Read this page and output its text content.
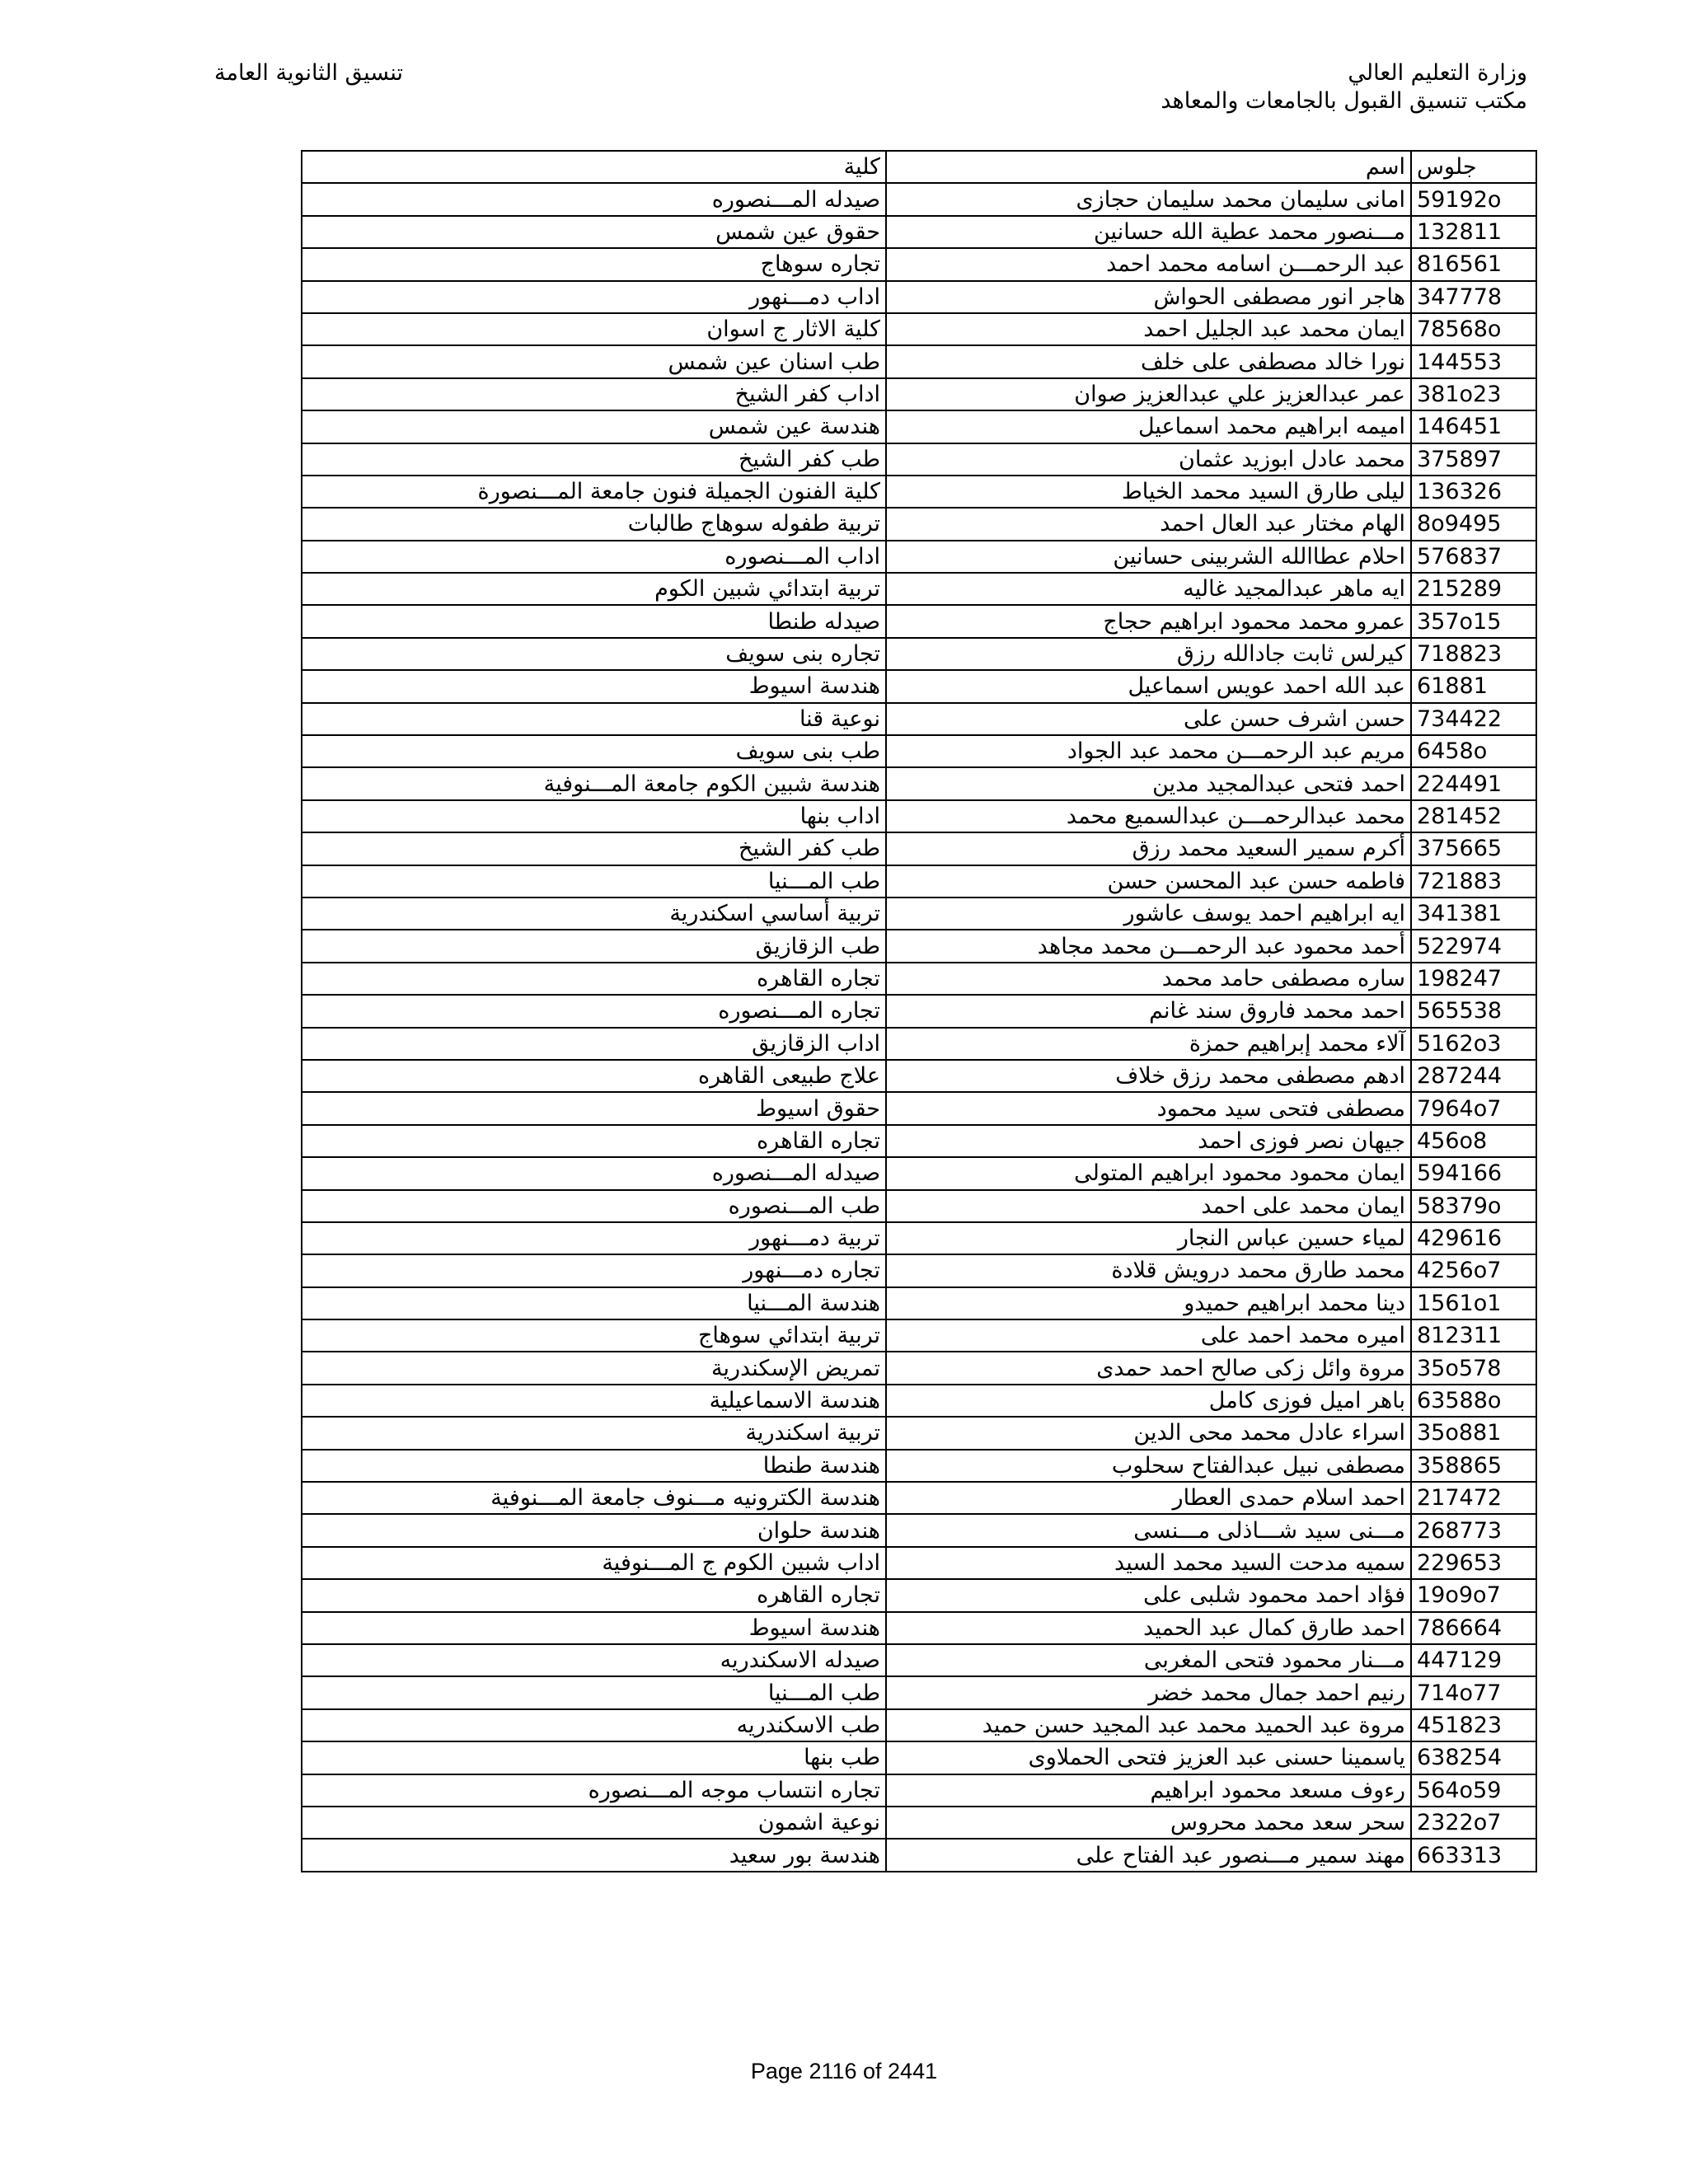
وزارة التعليم العالي
مكتب تنسيق القبول بالجامعات والمعاهد
تنسيق الثانوية العامة
كلية	اسم	جلوس
صيدله المـــنصوره	امانى سليمان محمد سليمان حجازى	59192o
حقوق عين شمس	مـــنصور محمد عطية الله حسانين	132811
تجاره سوهاج	عبد الرحمـــن اسامه محمد احمد	816561
اداب دمـــنهور	هاجر انور مصطفى الحواش	347778
كلية الاثار ج اسوان	ايمان محمد عبد الجليل احمد	78568o
طب اسنان عين شمس	نورا خالد مصطفى على خلف	144553
اداب كفر الشيخ	عمر عبدالعزيز علي عبدالعزيز صوان	381o23
هندسة عين شمس	اميمه ابراهيم محمد اسماعيل	146451
طب كفر الشيخ	محمد عادل ابوزيد عثمان	375897
كلية الفنون الجميلة فنون جامعة المـــنصورة	ليلى طارق السيد محمد الخياط	136326
تربية طفوله سوهاج طالبات	الهام مختار عبد العال احمد	8o9495
اداب المـــنصوره	احلام عطاالله الشربينى حسانين	576837
تربية ابتدائي شبين الكوم	ايه ماهر عبدالمجيد غاليه	215289
صيدله طنطا	عمرو محمد محمود ابراهيم حجاج	357o15
تجاره بنى سويف	كيرلس ثابت جادالله رزق	718823
هندسة اسيوط	عبد الله احمد عويس اسماعيل	61881
نوعية قنا	حسن اشرف حسن على	734422
طب بنى سويف	مريم عبد الرحمـــن محمد عبد الجواد	6458o
هندسة شبين الكوم جامعة المـــنوفية	احمد فتحى عبدالمجيد مدين	224491
اداب بنها	محمد عبدالرحمـــن عبدالسميع محمد	281452
طب كفر الشيخ	أكرم سمير السعيد محمد رزق	375665
طب المـــنيا	فاطمه حسن عبد المحسن حسن	721883
تربية أساسي اسكندرية	ايه ابراهيم احمد يوسف عاشور	341381
طب الزقازيق	أحمد محمود عبد الرحمـــن محمد مجاهد	522974
تجاره القاهره	ساره مصطفى حامد محمد	198247
تجاره المـــنصوره	احمد محمد فاروق سند غانم	565538
اداب الزقازيق	آلاء محمد إبراهيم حمزة	5162o3
علاج طبيعى القاهره	ادهم مصطفى محمد رزق خلاف	287244
حقوق اسيوط	مصطفى فتحى سيد محمود	7964o7
تجاره القاهره	جيهان نصر فوزى احمد	456o8
صيدله المـــنصوره	ايمان محمود محمود ابراهيم المتولى	594166
طب المـــنصوره	ايمان محمد على احمد	58379o
تربية دمـــنهور	لمياء حسين عباس النجار	429616
تجاره دمـــنهور	محمد طارق محمد درويش قلادة	4256o7
هندسة المـــنيا	دينا محمد ابراهيم حميدو	1561o1
تربية ابتدائي سوهاج	اميره محمد احمد على	812311
تمريض الإسكندرية	مروة وائل زكى صالح احمد حمدى	35o578
هندسة الاسماعيلية	باهر اميل فوزى كامل	63588o
تربية اسكندرية	اسراء عادل محمد محى الدين	35o881
هندسة طنطا	مصطفى نبيل عبدالفتاح سحلوب	358865
هندسة الكترونيه مـــنوف جامعة المـــنوفية	احمد اسلام حمدى العطار	217472
هندسة حلوان	مـــنى سيد شـــاذلى مـــنسى	268773
اداب شبين الكوم ج المـــنوفية	سميه مدحت السيد محمد السيد	229653
تجاره القاهره	فؤاد احمد محمود شلبى على	19o9o7
هندسة اسيوط	احمد طارق كمال عبد الحميد	786664
صيدله الاسكندريه	مـــنار محمود فتحى المغربى	447129
طب المـــنيا	رنيم احمد جمال محمد خضر	714o77
طب الاسكندريه	مروة عبد الحميد محمد عبد المجيد حسن حميد	451823
طب بنها	ياسمينا حسنى عبد العزيز فتحى الحملاوى	638254
تجاره انتساب موجه المـــنصوره	رءوف مسعد محمود ابراهيم	564o59
نوعية اشمون	سحر سعد محمد محروس	2322o7
هندسة بور سعيد	مهند سمير مـــنصور عبد الفتاح على	663313
Page 2116 of 2441
